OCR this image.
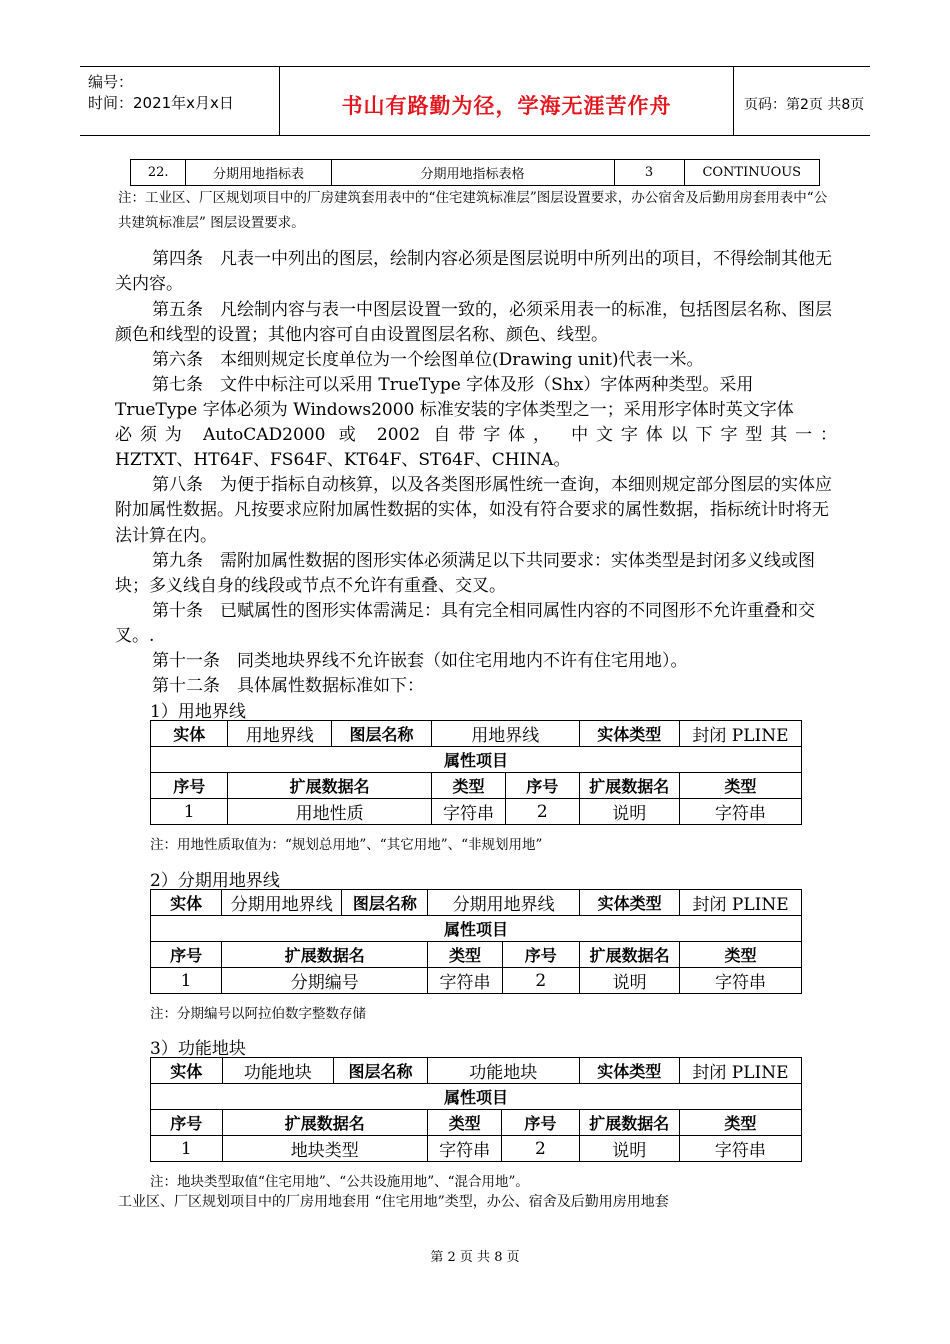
编号：
时间：2021年x月x日	书山有路勤为径，学海无涯苦作舟	页码：第2页 共8页
22.	分期用地指标表	分期用地指标表格	3	CONTINUOUS
注：工业区、厂区规划项目中的厂房建筑套用表中的“住宅建筑标准层”图层设置要求，办公宿舍及后勤用房套用表中“公共建筑标准层” 图层设置要求。
第四条　凡表一中列出的图层，绘制内容必须是图层说明中所列出的项目，不得绘制其他无关内容。
第五条　凡绘制内容与表一中图层设置一致的，必须采用表一的标准，包括图层名称、图层颜色和线型的设置；其他内容可自由设置图层名称、颜色、线型。
第六条　本细则规定长度单位为一个绘图单位(Drawing unit)代表一米。
第七条　文件中标注可以采用 TrueType 字体及形（Shx）字体两种类型。采用
TrueType 字体必须为 Windows2000 标准安装的字体类型之一；采用形字体时英文字体
必须为 AutoCAD2000 或 2002 自带字体， 中文字体以下字型其一：
HZTXT、HT64F、FS64F、KT64F、ST64F、CHINA。
第八条　为便于指标自动核算，以及各类图形属性统一查询，本细则规定部分图层的实体应附加属性数据。凡按要求应附加属性数据的实体，如没有符合要求的属性数据，指标统计时将无法计算在内。
第九条　需附加属性数据的图形实体必须满足以下共同要求：实体类型是封闭多义线或图块；多义线自身的线段或节点不允许有重叠、交叉。
第十条　已赋属性的图形实体需满足：具有完全相同属性内容的不同图形不允许重叠和交叉。.
第十一条　同类地块界线不允许嵌套（如住宅用地内不许有住宅用地）。
第十二条　具体属性数据标准如下：
1）用地界线
实体	用地界线	图层名称	用地界线		实体类型	封闭 PLINE
属性项目						
序号	扩展数据名		类型	序号	扩展数据名	类型
1	用地性质		字符串	2	说明	字符串
注：用地性质取值为：“规划总用地”、“其它用地”、“非规划用地”
2）分期用地界线
实体	分期用地界线	图层名称	分期用地界线		实体类型	封闭 PLINE
属性项目						
序号	扩展数据名		类型	序号	扩展数据名	类型
1	分期编号		字符串	2	说明	字符串
注：分期编号以阿拉伯数字整数存储
3）功能地块
实体	功能地块	图层名称	功能地块		实体类型	封闭 PLINE
属性项目						
序号	扩展数据名		类型	序号	扩展数据名	类型
1	地块类型		字符串	2	说明	字符串
注：地块类型取值“住宅用地”、“公共设施用地”、“混合用地”。
工业区、厂区规划项目中的厂房用地套用 “住宅用地”类型，办公、宿舍及后勤用房用地套
第 2 页 共 8 页
